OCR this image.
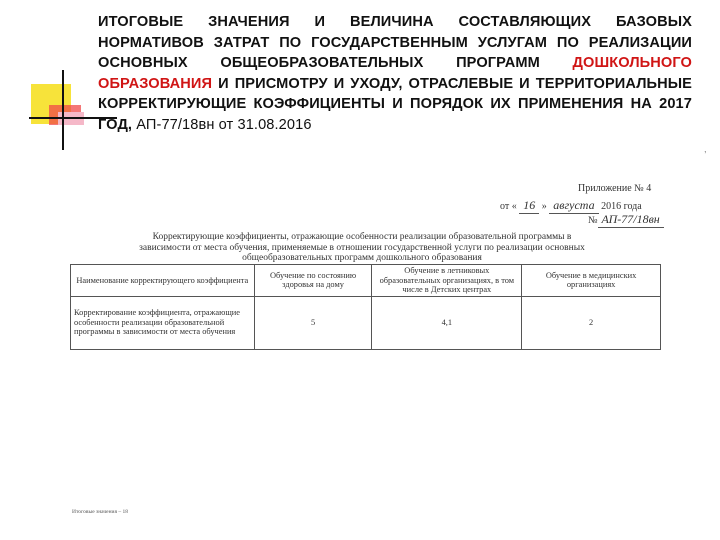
ИТОГОВЫЕ ЗНАЧЕНИЯ И ВЕЛИЧИНА СОСТАВЛЯЮЩИХ БАЗОВЫХ НОРМАТИВОВ ЗАТРАТ ПО ГОСУДАРСТВЕННЫМ УСЛУГАМ ПО РЕАЛИЗАЦИИ ОСНОВНЫХ ОБЩЕОБРАЗОВАТЕЛЬНЫХ ПРОГРАММ ДОШКОЛЬНОГО ОБРАЗОВАНИЯ И ПРИСМОТРУ И УХОДУ, ОТРАСЛЕВЫЕ И ТЕРРИТОРИАЛЬНЫЕ КОРРЕКТИРУЮЩИЕ КОЭФФИЦИЕНТЫ И ПОРЯДОК ИХ ПРИМЕНЕНИЯ НА 2017 ГОД, АП-77/18вн от 31.08.2016
,
Приложение № 4
от « 16 » августа 2016 года
№ АП-77/18вн
Корректирующие коэффициенты, отражающие особенности реализации образовательной программы в
зависимости от места обучения, применяемые в отношении государственной услуги по реализации основных
общеобразовательных программ дошкольного образования
Наименование корректирующего коэффициента	Обучение по состоянию здоровья на дому	Обучение в летниковых образовательных организациях, в том числе в Детских центрах	Обучение в медицинских организациях
Корректирование коэффициента, отражающие особенности реализации образовательной программы в зависимости от места обучения	5	4,1	2
Итоговые значения – 18
